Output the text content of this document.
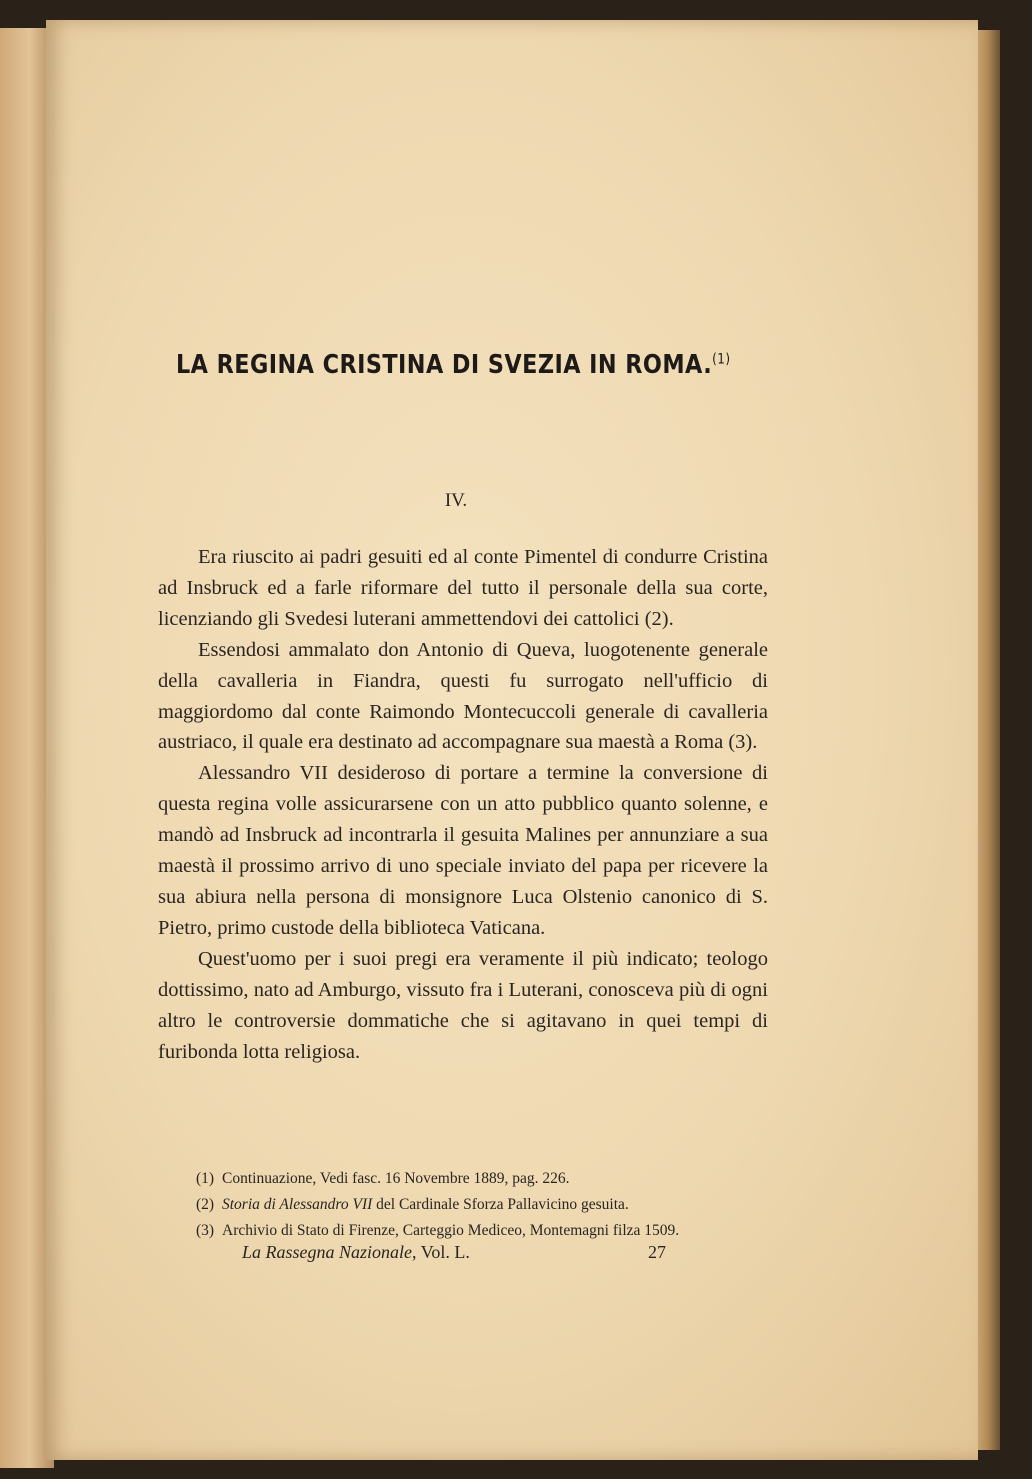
LA REGINA CRISTINA DI SVEZIA IN ROMA.$^{(1)}$
IV.

Era riuscito ai padri gesuiti ed al conte Pimentel di condurre Cristina ad Insbruck ed a farle riformare del tutto il personale della sua corte, licenziando gli Svedesi luterani ammettendovi dei cattolici (2).

Essendosi ammalato don Antonio di Queva, luogotenente generale della cavalleria in Fiandra, questi fu surrogato nell'ufficio di maggiordomo dal conte Raimondo Montecuccoli generale di cavalleria austriaco, il quale era destinato ad accompagnare sua maestà a Roma (3).

Alessandro VII desideroso di portare a termine la conversione di questa regina volle assicurarsene con un atto pubblico quanto solenne, e mandò ad Insbruck ad incontrarla il gesuita Malines per annunziare a sua maestà il prossimo arrivo di uno speciale inviato del papa per ricevere la sua abiura nella persona di monsignore Luca Olstenio canonico di S. Pietro, primo custode della biblioteca Vaticana.

Quest'uomo per i suoi pregi era veramente il più indicato; teologo dottissimo, nato ad Amburgo, vissuto fra i Luterani, conosceva più di ogni altro le controversie dommatiche che si agitavano in quei tempi di furibonda lotta religiosa.

(1) Continuazione, Vedi fasc. 16 Novembre 1889, pag. 226.
(2) Storia di Alessandro VII del Cardinale Sforza Pallavicino gesuita.
(3) Archivio di Stato di Firenze, Carteggio Mediceo, Montemagni filza 1509.
La Rassegna Nazionale, Vol. L.	27
